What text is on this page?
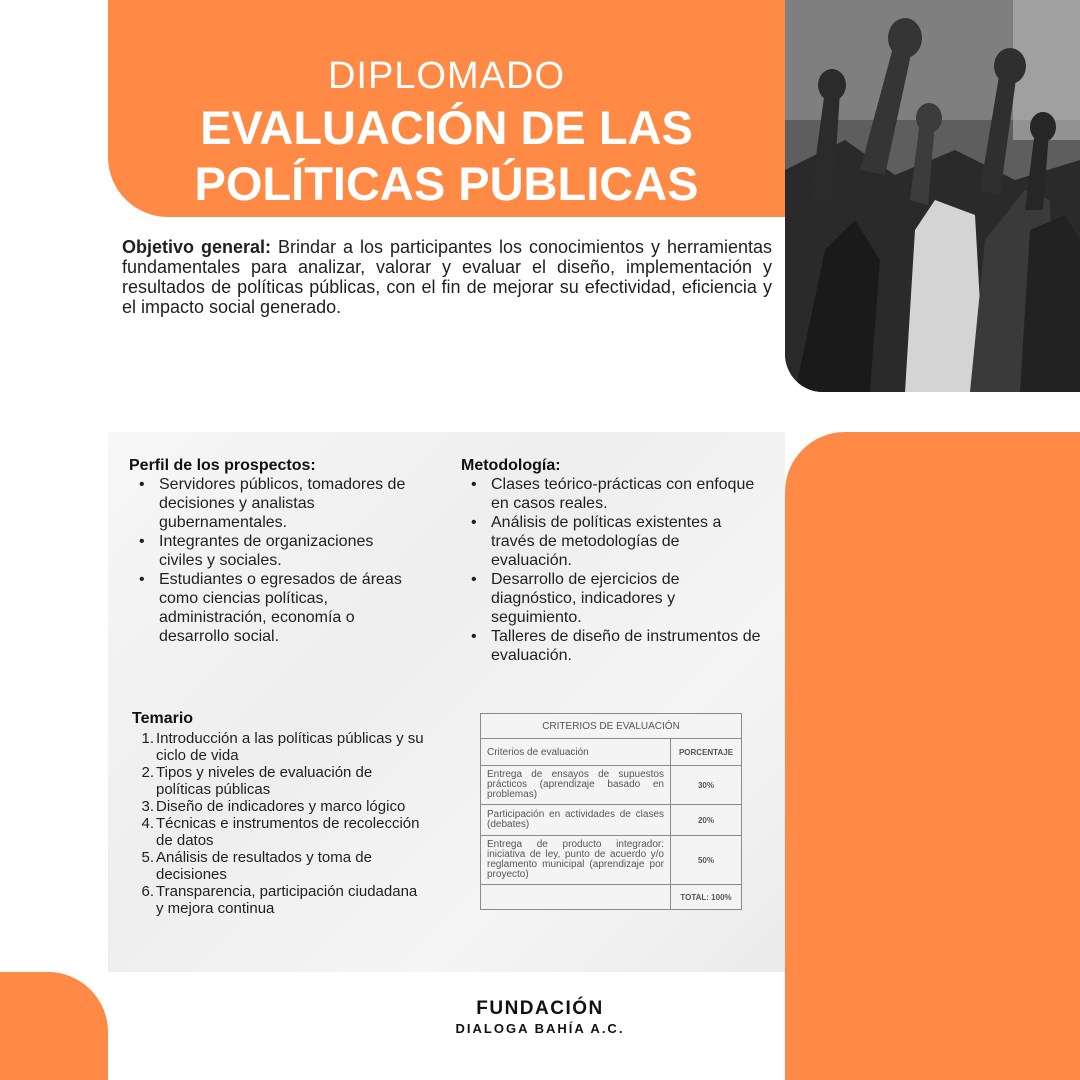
DIPLOMADO
EVALUACIÓN DE LAS
POLÍTICAS PÚBLICAS
Objetivo general: Brindar a los participantes los conocimientos y herramientas fundamentales para analizar, valorar y evaluar el diseño, implementación y resultados de políticas públicas, con el fin de mejorar su efectividad, eficiencia y el impacto social generado.
Perfil de los prospectos:
• Servidores públicos, tomadores de decisiones y analistas gubernamentales.
• Integrantes de organizaciones civiles y sociales.
• Estudiantes o egresados de áreas como ciencias políticas, administración, economía o desarrollo social.
Metodología:
• Clases teórico-prácticas con enfoque en casos reales.
• Análisis de políticas existentes a través de metodologías de evaluación.
• Desarrollo de ejercicios de diagnóstico, indicadores y seguimiento.
• Talleres de diseño de instrumentos de evaluación.
Temario
1. Introducción a las políticas públicas y su ciclo de vida
2. Tipos y niveles de evaluación de políticas públicas
3. Diseño de indicadores y marco lógico
4. Técnicas e instrumentos de recolección de datos
5. Análisis de resultados y toma de decisiones
6. Transparencia, participación ciudadana y mejora continua
CRITERIOS DE EVALUACIÓN	
Criterios de evaluación	PORCENTAJE
Entrega de ensayos de supuestos prácticos (aprendizaje basado en problemas)	30%
Participación en actividades de clases (debates)	20%
Entrega de producto integrador: iniciativa de ley, punto de acuerdo y/o reglamento municipal (aprendizaje por proyecto)	50%
	TOTAL: 100%
FUNDACIÓN
DIALOGA BAHÍA A.C.
